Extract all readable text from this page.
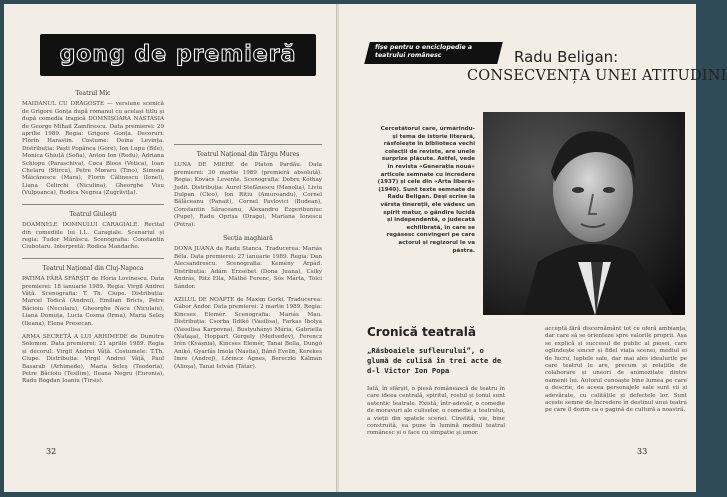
gong de premieră
Teatrul Mic

MAIDANUL CU DRAGOSTE — versiune scenică de Grigore Gonța după romanul cu același titlu și după comedia tragică DOMNIȘOARA NASTASIA de George Mihail Zamfirescu. Data premierei: 29 aprilie 1989. Regia: Grigore Gonța. Decoruri: Florin Harastin. Costume: Doina Levința. Distribuția: Paști Popânca (Gore), Ion Lupu (Bile), Monica Ghiuță (Sofia), Anton Ion (Redu), Adriana Schiopu (Paraschiva), Coca Bloos (Vetica), Ioan Chelaru (Stircu), Petre Moraru (Tino), Simona Măicănescu (Mara), Florin Călinescu (Ionel), Liana Celirchi (Niculina), Gheorghe Visu (Vulpoanca), Rodica Negrea (Zugrăvița).

Teatrul Giulești

DOAMNELE DOMNULUI CARAGIALE. Recital din comediile lui I.L. Caragiale. Scenariul și regia: Tudor Mărăscu. Scenografia: Constantin Ciubotaru. Interpretă: Rodica Mandache.

Teatrul Național din Cluj-Napoca

PATIMA FĂRĂ SFÂRȘIT de Horia Lovinescu. Data premierei: 18 ianuarie 1989. Regia: Virgil Andrei Vâță. Scenografia: T. Th. Ciupe. Distribuția: Marcel Todică (Andrei), Emilian Bricis, Petre Băcioiu (Neculaiu), Gheorghe Nacu (Niculaiu), Liana Domuța, Lucia Cosma (Irma), Maria Seleș (Ileana), Elena Presecan.

ARMA SECRETĂ A LUI ARHIMEDE de Dumitru Solomon. Data premierei: 21 aprilie 1989. Regia și decorul: Virgil Andrei Vâță. Costumele: T.Th. Ciupe. Distribuția: Virgil Andrei Vâță, Paul Basarab (Arhimede), Maria Seleș (Teodoria), Petre Băcioiu (Tesilim), Ileana Negru (Euronia), Radu Bogdan Ioaniu (Tirsis).

Teatrul Național din Târgu Mureș

LUNA DE MIERE de Platon Pardău. Data premierei: 30 martie 1989 (premieră absolută). Regia: Kovács Levente. Scenografia: Dobre Kóthay Judit. Distribuția: Aurel Ștefănescu (Manolia), Liviu Dulpan (Cleo), Ion Ritiu (Amuroandu), Cornel Bălăceanu (Panait), Cornel Pavlovici (Budean), Constantin Săraceanu, Alexandru Ezgeribuniuc (Pupe), Radu Oprișa (Drago), Mariana Ionescu (Petra).

Secția maghiară

DONA JUANA de Radu Stanca. Traducerea: Mariás Béla. Data premierei: 27 ianuarie 1989. Regia: Dan Alecsandrescu. Scenografia: Kemény Árpád. Distribuția: Adám Erzsébet (Dona Juana), Csiky András, Ritz Ella, Máthé Ferenc, Sós Márta, Tolci Sándor.

AZILUL DE NOAPTE de Maxim Gorki. Traducerea: Gábor Andor. Data premierei: 2 martie 1989. Regia: Kincses Elemér. Scenografia: Mariás Mau. Distribuția: Csorba Ildikó (Vasilisa), Farkas Ibolya (Vassilisa Karpovna), Bustyuhányi Mária, Gabriella (Nataşa), Hoppart Gergely (Medvedev), Ferencz Irén (Kvașnia), Kincses Elemér, Tanai Bella, Dungó Anikó, Gyarfás Imola (Nastia), Bánó Evelin, Kerekes Imre (Andrej), Lőrincz Ágnes, Bereczki Kálmán (Alioșa), Tanai István (Tatar).

32
fișe pentru o enciclopedie a teatrului românesc	Radu Beligan:
CONSECVENȚA UNEI ATITUDINI
Cercetătorul care, urmărindu-și tema de istorie literară, răsfoiește în biblioteca vechi colecții de reviste, are unele surprize plăcute. Astfel, vede în revista «Generația nouă» articole semnate cu încredere (1937) și cele din «Arta liberă» (1940). Sunt texte semnate de Radu Beligan. Deși scrise la vârsta tinereții, ele vădesc un spirit matur, o gândire lucidă și independentă, o judecată echilibrată, în care se regăsesc convingeri pe care actorul și regizorul le va păstra.
Cronică teatrală
„Răsboaiele sufleurului”, o glumă de culisă în trei acte de d-l Victor Ion Popa
Iată, în sfârșit, o piesă românească de teatru în care ideea centrală, spiritul, rostul și tonul sunt autentic teatrale. Există, într-adevăr, o comedie de moravuri ale culiselor, o comedie a teatrului, a vieții din spatele scenei. Cinstită, vie, bine construită, ea pune în lumină mediul teatral românesc și o face cu simpatie și umor.
acceptă fără discernământ tot ce oferă ambianța, dar care să se orienteze spre valorile proprii. Așa se explică și succesul de public al piesei, care oglindește sincer și fidel viața scenei, mediul ei de lucru, luptele sale, dar mai ales idealurile pe care teatrul le are, precum și relațiile de colaborare și uneori de animozitate dintre oamenii lui. Autorul cunoaște bine lumea pe care o descrie, de aceea personajele sale sunt vii și adevărate, cu calitățile și defectele lor. Sunt aceste semne de încredere în destinul unui teatru pe care îl dorim ca o pagină de cultură a noastră.
33
